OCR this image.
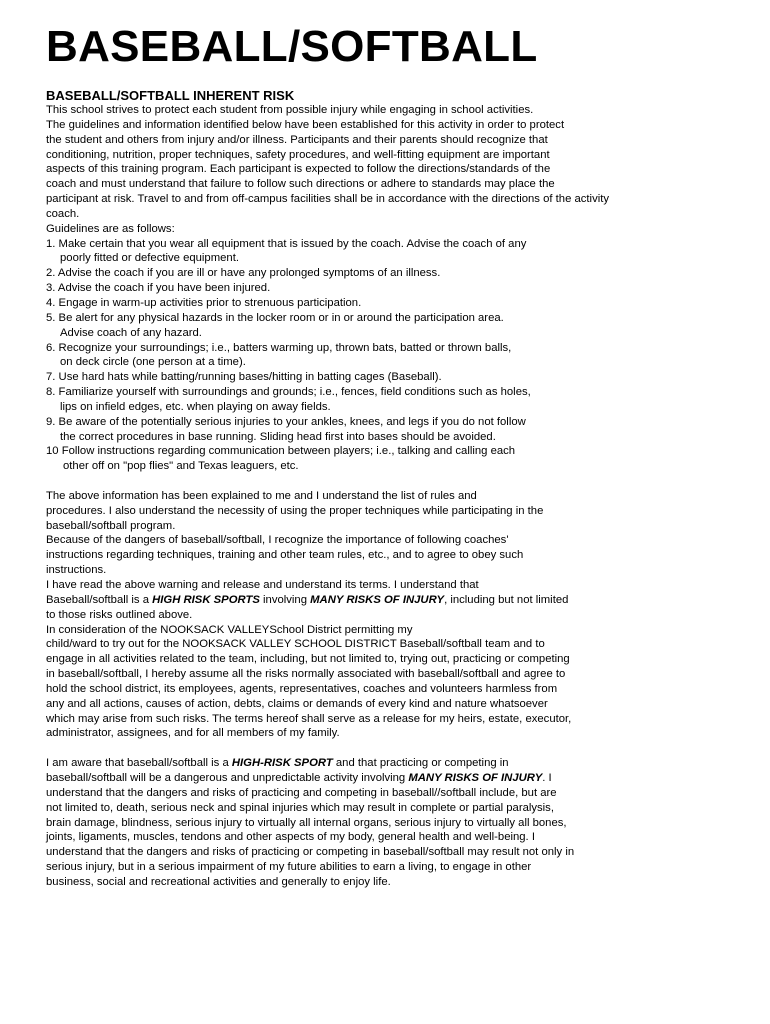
BASEBALL/SOFTBALL
BASEBALL/SOFTBALL INHERENT RISK
This school strives to protect each student from possible injury while engaging in school activities.
The guidelines and information identified below have been established for this activity in order to protect
the student and others from injury and/or illness. Participants and their parents should recognize that
conditioning, nutrition, proper techniques, safety procedures, and well-fitting equipment are important
aspects of this training program. Each participant is expected to follow the directions/standards of the
coach and must understand that failure to follow such directions or adhere to standards may place the
participant at risk. Travel to and from off-campus facilities shall be in accordance with the directions of the activity
coach.
Guidelines are as follows:
1. Make certain that you wear all equipment that is issued by the coach. Advise the coach of any
poorly fitted or defective equipment.
2. Advise the coach if you are ill or have any prolonged symptoms of an illness.
3. Advise the coach if you have been injured.
4. Engage in warm-up activities prior to strenuous participation.
5. Be alert for any physical hazards in the locker room or in or around the participation area.
Advise coach of any hazard.
6. Recognize your surroundings; i.e., batters warming up, thrown bats, batted or thrown balls,
on deck circle (one person at a time).
7. Use hard hats while batting/running bases/hitting in batting cages (Baseball).
8. Familiarize yourself with surroundings and grounds; i.e., fences, field conditions such as holes,
lips on infield edges, etc. when playing on away fields.
9. Be aware of the potentially serious injuries to your ankles, knees, and legs if you do not follow
the correct procedures in base running. Sliding head first into bases should be avoided.
10 Follow instructions regarding communication between players; i.e., talking and calling each
other off on "pop flies" and Texas leaguers, etc.
The above information has been explained to me and I understand the list of rules and
procedures. I also understand the necessity of using the proper techniques while participating in the
baseball/softball program.
Because of the dangers of baseball/softball, I recognize the importance of following coaches'
instructions regarding techniques, training and other team rules, etc., and to agree to obey such
instructions.
I have read the above warning and release and understand its terms. I understand that
Baseball/softball is a HIGH RISK SPORTS involving MANY RISKS OF INJURY, including but not limited
to those risks outlined above.
In consideration of the NOOKSACK VALLEYSchool District permitting my
child/ward to try out for the NOOKSACK VALLEY SCHOOL DISTRICT Baseball/softball team and to
engage in all activities related to the team, including, but not limited to, trying out, practicing or competing
in baseball/softball, I hereby assume all the risks normally associated with baseball/softball and agree to
hold the school district, its employees, agents, representatives, coaches and volunteers harmless from
any and all actions, causes of action, debts, claims or demands of every kind and nature whatsoever
which may arise from such risks. The terms hereof shall serve as a release for my heirs, estate, executor,
administrator, assignees, and for all members of my family.
I am aware that baseball/softball is a HIGH-RISK SPORT and that practicing or competing in
baseball/softball will be a dangerous and unpredictable activity involving MANY RISKS OF INJURY. I
understand that the dangers and risks of practicing and competing in baseball//softball include, but are
not limited to, death, serious neck and spinal injuries which may result in complete or partial paralysis,
brain damage, blindness, serious injury to virtually all internal organs, serious injury to virtually all bones,
joints, ligaments, muscles, tendons and other aspects of my body, general health and well-being. I
understand that the dangers and risks of practicing or competing in baseball/softball may result not only in
serious injury, but in a serious impairment of my future abilities to earn a living, to engage in other
business, social and recreational activities and generally to enjoy life.
